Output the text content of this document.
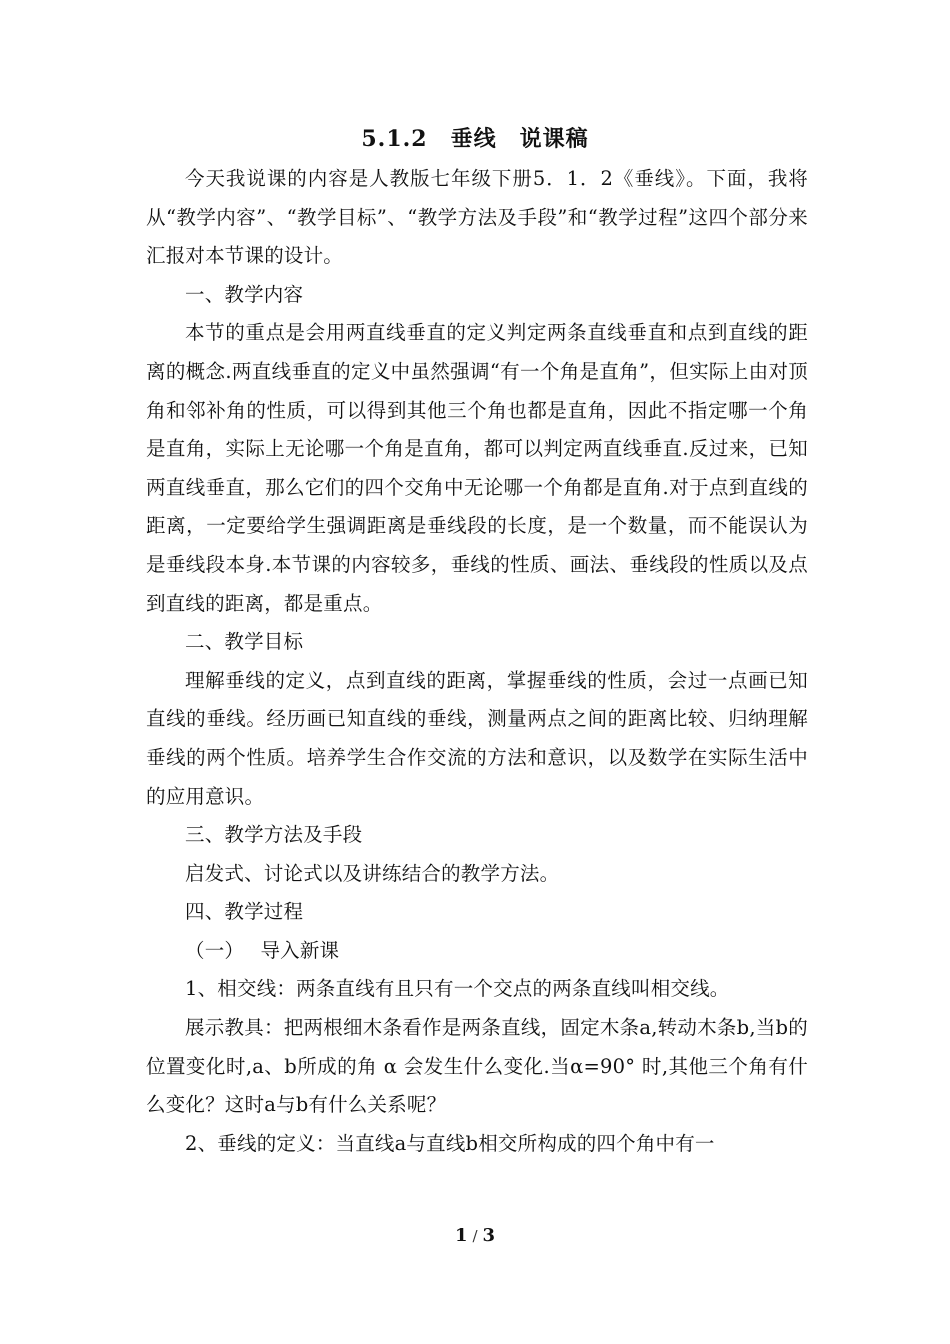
5.1.2　垂线　说课稿

今天我说课的内容是人教版七年级下册5．1．2《垂线》。下面，我将从“教学内容”、“教学目标”、“教学方法及手段”和“教学过程”这四个部分来汇报对本节课的设计。

一、教学内容

本节的重点是会用两直线垂直的定义判定两条直线垂直和点到直线的距离的概念.两直线垂直的定义中虽然强调“有一个角是直角”，但实际上由对顶角和邻补角的性质，可以得到其他三个角也都是直角，因此不指定哪一个角是直角，实际上无论哪一个角是直角，都可以判定两直线垂直.反过来，已知两直线垂直，那么它们的四个交角中无论哪一个角都是直角.对于点到直线的距离，一定要给学生强调距离是垂线段的长度，是一个数量，而不能误认为是垂线段本身.本节课的内容较多，垂线的性质、画法、垂线段的性质以及点到直线的距离，都是重点。

二、教学目标

理解垂线的定义，点到直线的距离，掌握垂线的性质，会过一点画已知直线的垂线。经历画已知直线的垂线，测量两点之间的距离比较、归纳理解垂线的两个性质。培养学生合作交流的方法和意识，以及数学在实际生活中的应用意识。

三、教学方法及手段

启发式、讨论式以及讲练结合的教学方法。

四、教学过程

（一）　 导入新课

1、相交线：两条直线有且只有一个交点的两条直线叫相交线。

展示教具：把两根细木条看作是两条直线，固定木条a,转动木条b,当b的位置变化时,a、b所成的角 α 会发生什么变化.当α=90° 时,其他三个角有什么变化？这时a与b有什么关系呢？

2、垂线的定义：当直线a与直线b相交所构成的四个角中有一

1 / 3
